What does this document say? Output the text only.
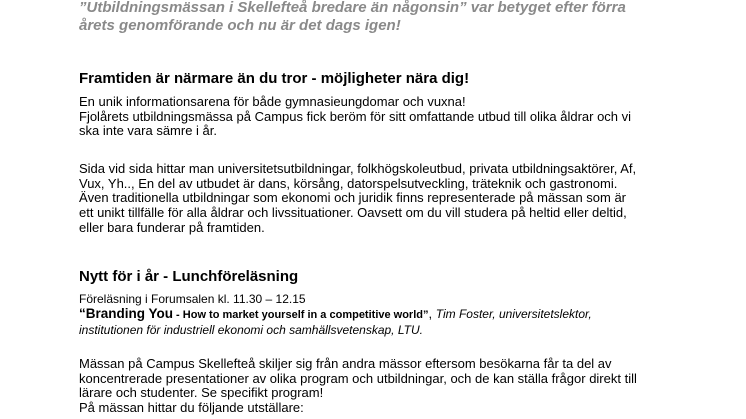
”Utbildningsmässan i Skellefteå bredare än någonsin” var betyget efter förra
årets genomförande och nu är det dags igen!

Framtiden är närmare än du tror - möjligheter nära dig!

En unik informationsarena för både gymnasieungdomar och vuxna!
Fjolårets utbildningsmässa på Campus fick beröm för sitt omfattande utbud till olika åldrar och vi
ska inte vara sämre i år.

Sida vid sida hittar man universitetsutbildningar, folkhögskoleutbud, privata utbildningsaktörer, Af,
Vux, Yh.., En del av utbudet är dans, körsång, datorspelsutveckling, träteknik och gastronomi.
Även traditionella utbildningar som ekonomi och juridik finns representerade på mässan som är
ett unikt tillfälle för alla åldrar och livssituationer. Oavsett om du vill studera på heltid eller deltid,
eller bara funderar på framtiden.

Nytt för i år - Lunchföreläsning

Föreläsning i Forumsalen kl. 11.30 – 12.15

“Branding You - How to market yourself in a competitive world”, Tim Foster, universitetslektor,
institutionen för industriell ekonomi och samhällsvetenskap, LTU.

Mässan på Campus Skellefteå skiljer sig från andra mässor eftersom besökarna får ta del av
koncentrerade presentationer av olika program och utbildningar, och de kan ställa frågor direkt till
lärare och studenter. Se specifikt program!
På mässan hittar du följande utställare:
